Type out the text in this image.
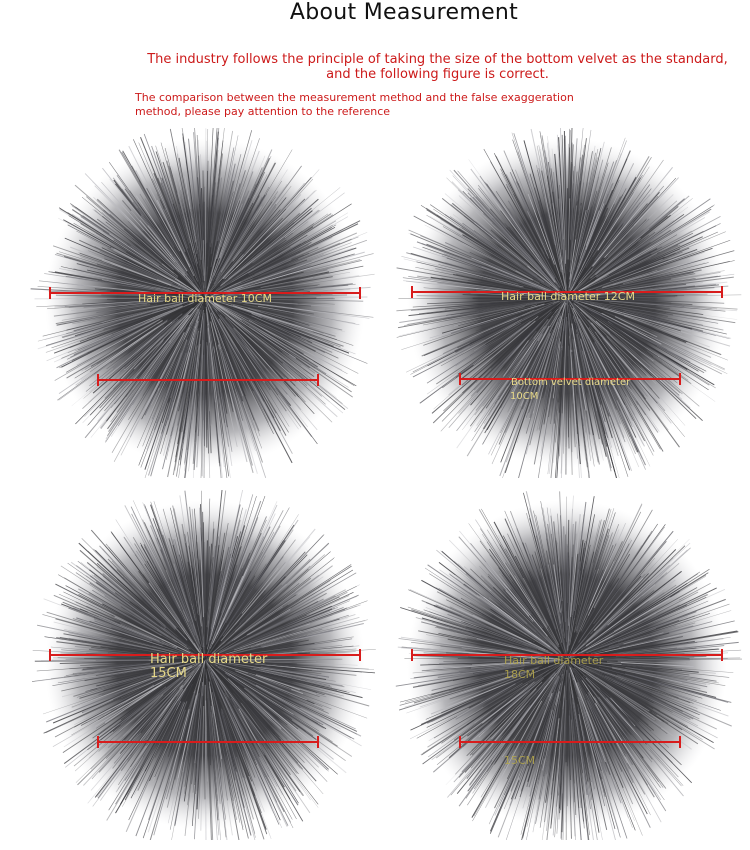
About Measurement
The industry follows the principle of taking the size of the bottom velvet as the standard, and the following figure is correct.
The comparison between the measurement method and the false exaggeration method, please pay attention to the reference
Hair ball diameter 10CM	Hair ball diameter 12CM
Bottom velvet diameter
10CM
Hair ball diameter
15CM
Hair ball diameter
18CM
15CM
